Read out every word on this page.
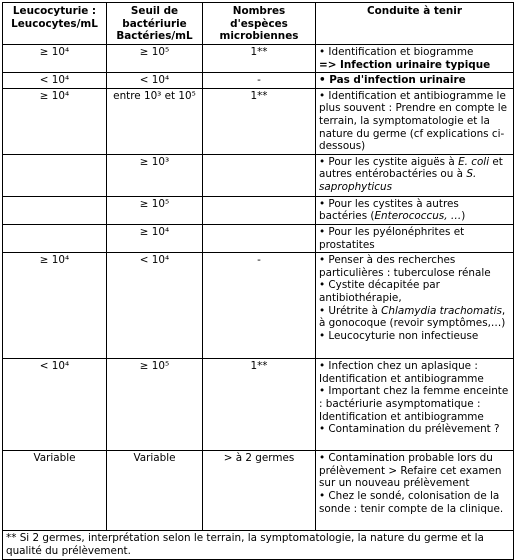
Leucocyturie : Leucocytes/mL	Seuil de
bactériurie
Bactéries/mL	Nombres
d'espèces
microbiennes	Conduite à tenir
≥ 10⁴	≥ 10⁵	1**	• Identification et biogramme
=> Infection urinaire typique

< 10⁴	< 10⁴	-	• Pas d'infection urinaire
≥ 10⁴	entre 10³ et 10⁵	1**	• Identification et antibiogramme le plus souvent : Prendre en compte le terrain, la symptomatologie et la nature du germe (cf explications ci-dessous)
	≥ 10³		• Pour les cystite aiguës à E. coli et autres entérobactéries ou à S. saprophyticus
	≥ 10⁵		• Pour les cystites à autres bactéries (Enterococcus, …)
	≥ 10⁴		• Pour les pyélonéphrites et prostatites
≥ 10⁴	< 10⁴	-	• Penser à des recherches particulières : tuberculose rénale
• Cystite décapitée par antibiothérapie,
• Urétrite à Chlamydia trachomatis, à gonocoque (revoir symptômes,…)
• Leucocyturie non infectieuse

< 10⁴	≥ 10⁵	1**	• Infection chez un aplasique : Identification et antibiogramme
• Important chez la femme enceinte : bactériurie asymptomatique : Identification et antibiogramme
• Contamination du prélèvement ?

Variable	Variable	> à 2 germes	• Contamination probable lors du prélèvement > Refaire cet examen sur un nouveau prélèvement
• Chez le sondé, colonisation de la sonde : tenir compte de la clinique.

** Si 2 germes, interprétation selon le terrain, la symptomatologie, la nature du germe et la qualité du prélèvement.			
